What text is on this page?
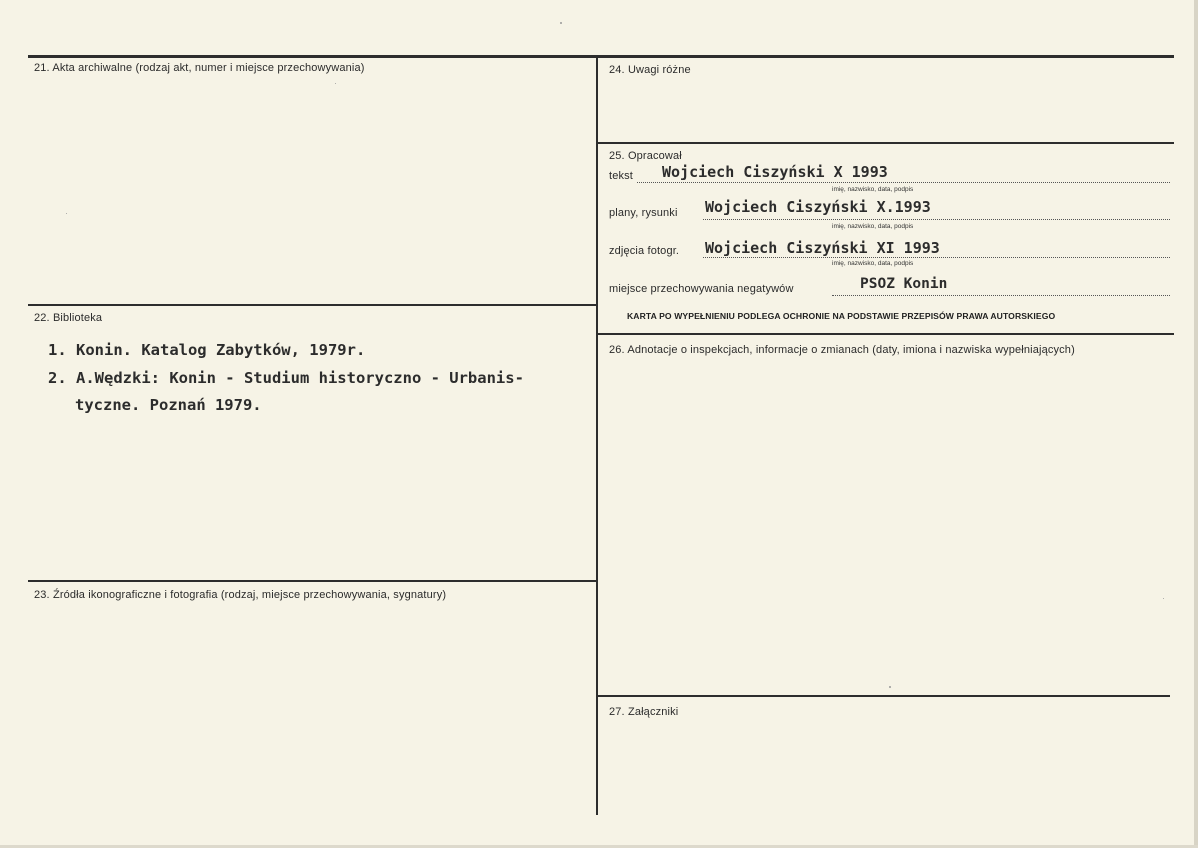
21. Akta archiwalne (rodzaj akt, numer i miejsce przechowywania)
22. Biblioteka
1. Konin. Katalog Zabytków, 1979r.
2. A.Wędzki: Konin - Studium historyczno - Urbanis-
tyczne. Poznań 1979.
23. Źródła ikonograficzne i fotografia (rodzaj, miejsce przechowywania, sygnatury)
24. Uwagi różne
25. Opracował
tekst Wojciech Ciszyński X 1993
imię, nazwisko, data, podpis
plany, rysunki Wojciech Ciszyński X.1993
imię, nazwisko, data, podpis
zdjęcia fotogr. Wojciech Ciszyński XI 1993
imię, nazwisko, data, podpis
miejsce przechowywania negatywów	PSOZ Konin
KARTA PO WYPEŁNIENIU PODLEGA OCHRONIE NA PODSTAWIE PRZEPISÓW PRAWA AUTORSKIEGO
26. Adnotacje o inspekcjach, informacje o zmianach (daty, imiona i nazwiska wypełniających)
27. Załączniki
